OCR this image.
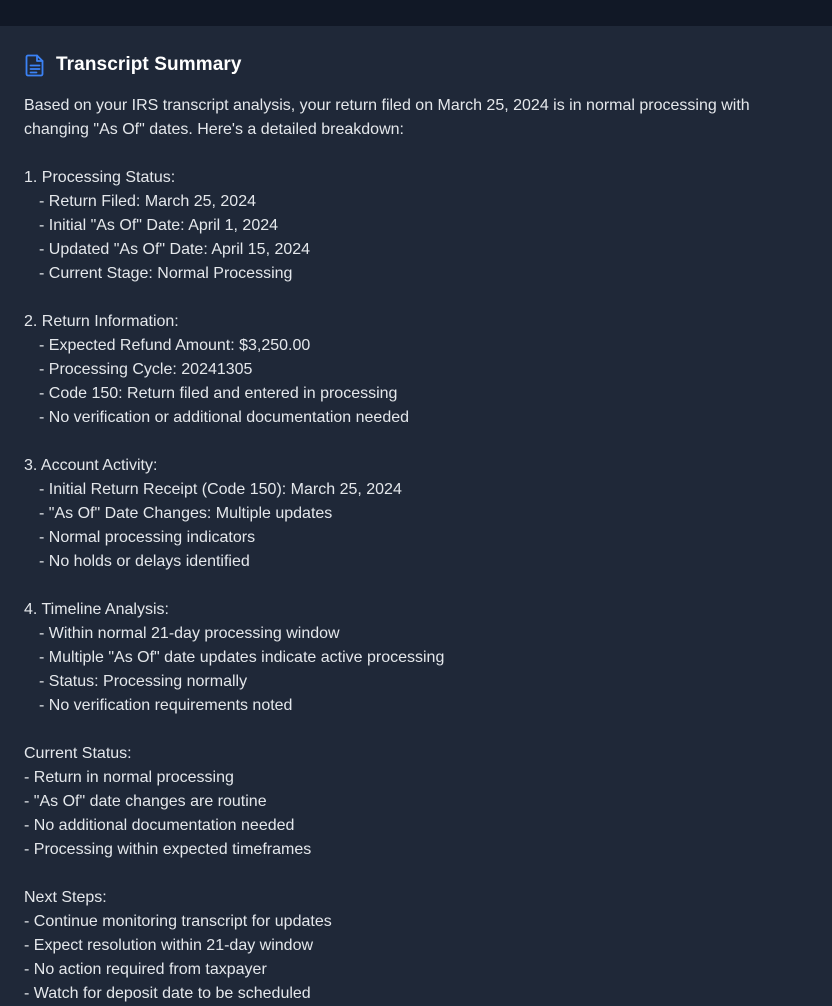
Transcript Summary
Based on your IRS transcript analysis, your return filed on March 25, 2024 is in normal processing with
changing "As Of" dates. Here's a detailed breakdown:
1. Processing Status:
- Return Filed: March 25, 2024
- Initial "As Of" Date: April 1, 2024
- Updated "As Of" Date: April 15, 2024
- Current Stage: Normal Processing
2. Return Information:
- Expected Refund Amount: $3,250.00
- Processing Cycle: 20241305
- Code 150: Return filed and entered in processing
- No verification or additional documentation needed
3. Account Activity:
- Initial Return Receipt (Code 150): March 25, 2024
- "As Of" Date Changes: Multiple updates
- Normal processing indicators
- No holds or delays identified
4. Timeline Analysis:
- Within normal 21-day processing window
- Multiple "As Of" date updates indicate active processing
- Status: Processing normally
- No verification requirements noted
Current Status:
- Return in normal processing
- "As Of" date changes are routine
- No additional documentation needed
- Processing within expected timeframes
Next Steps:
- Continue monitoring transcript for updates
- Expect resolution within 21-day window
- No action required from taxpayer
- Watch for deposit date to be scheduled
